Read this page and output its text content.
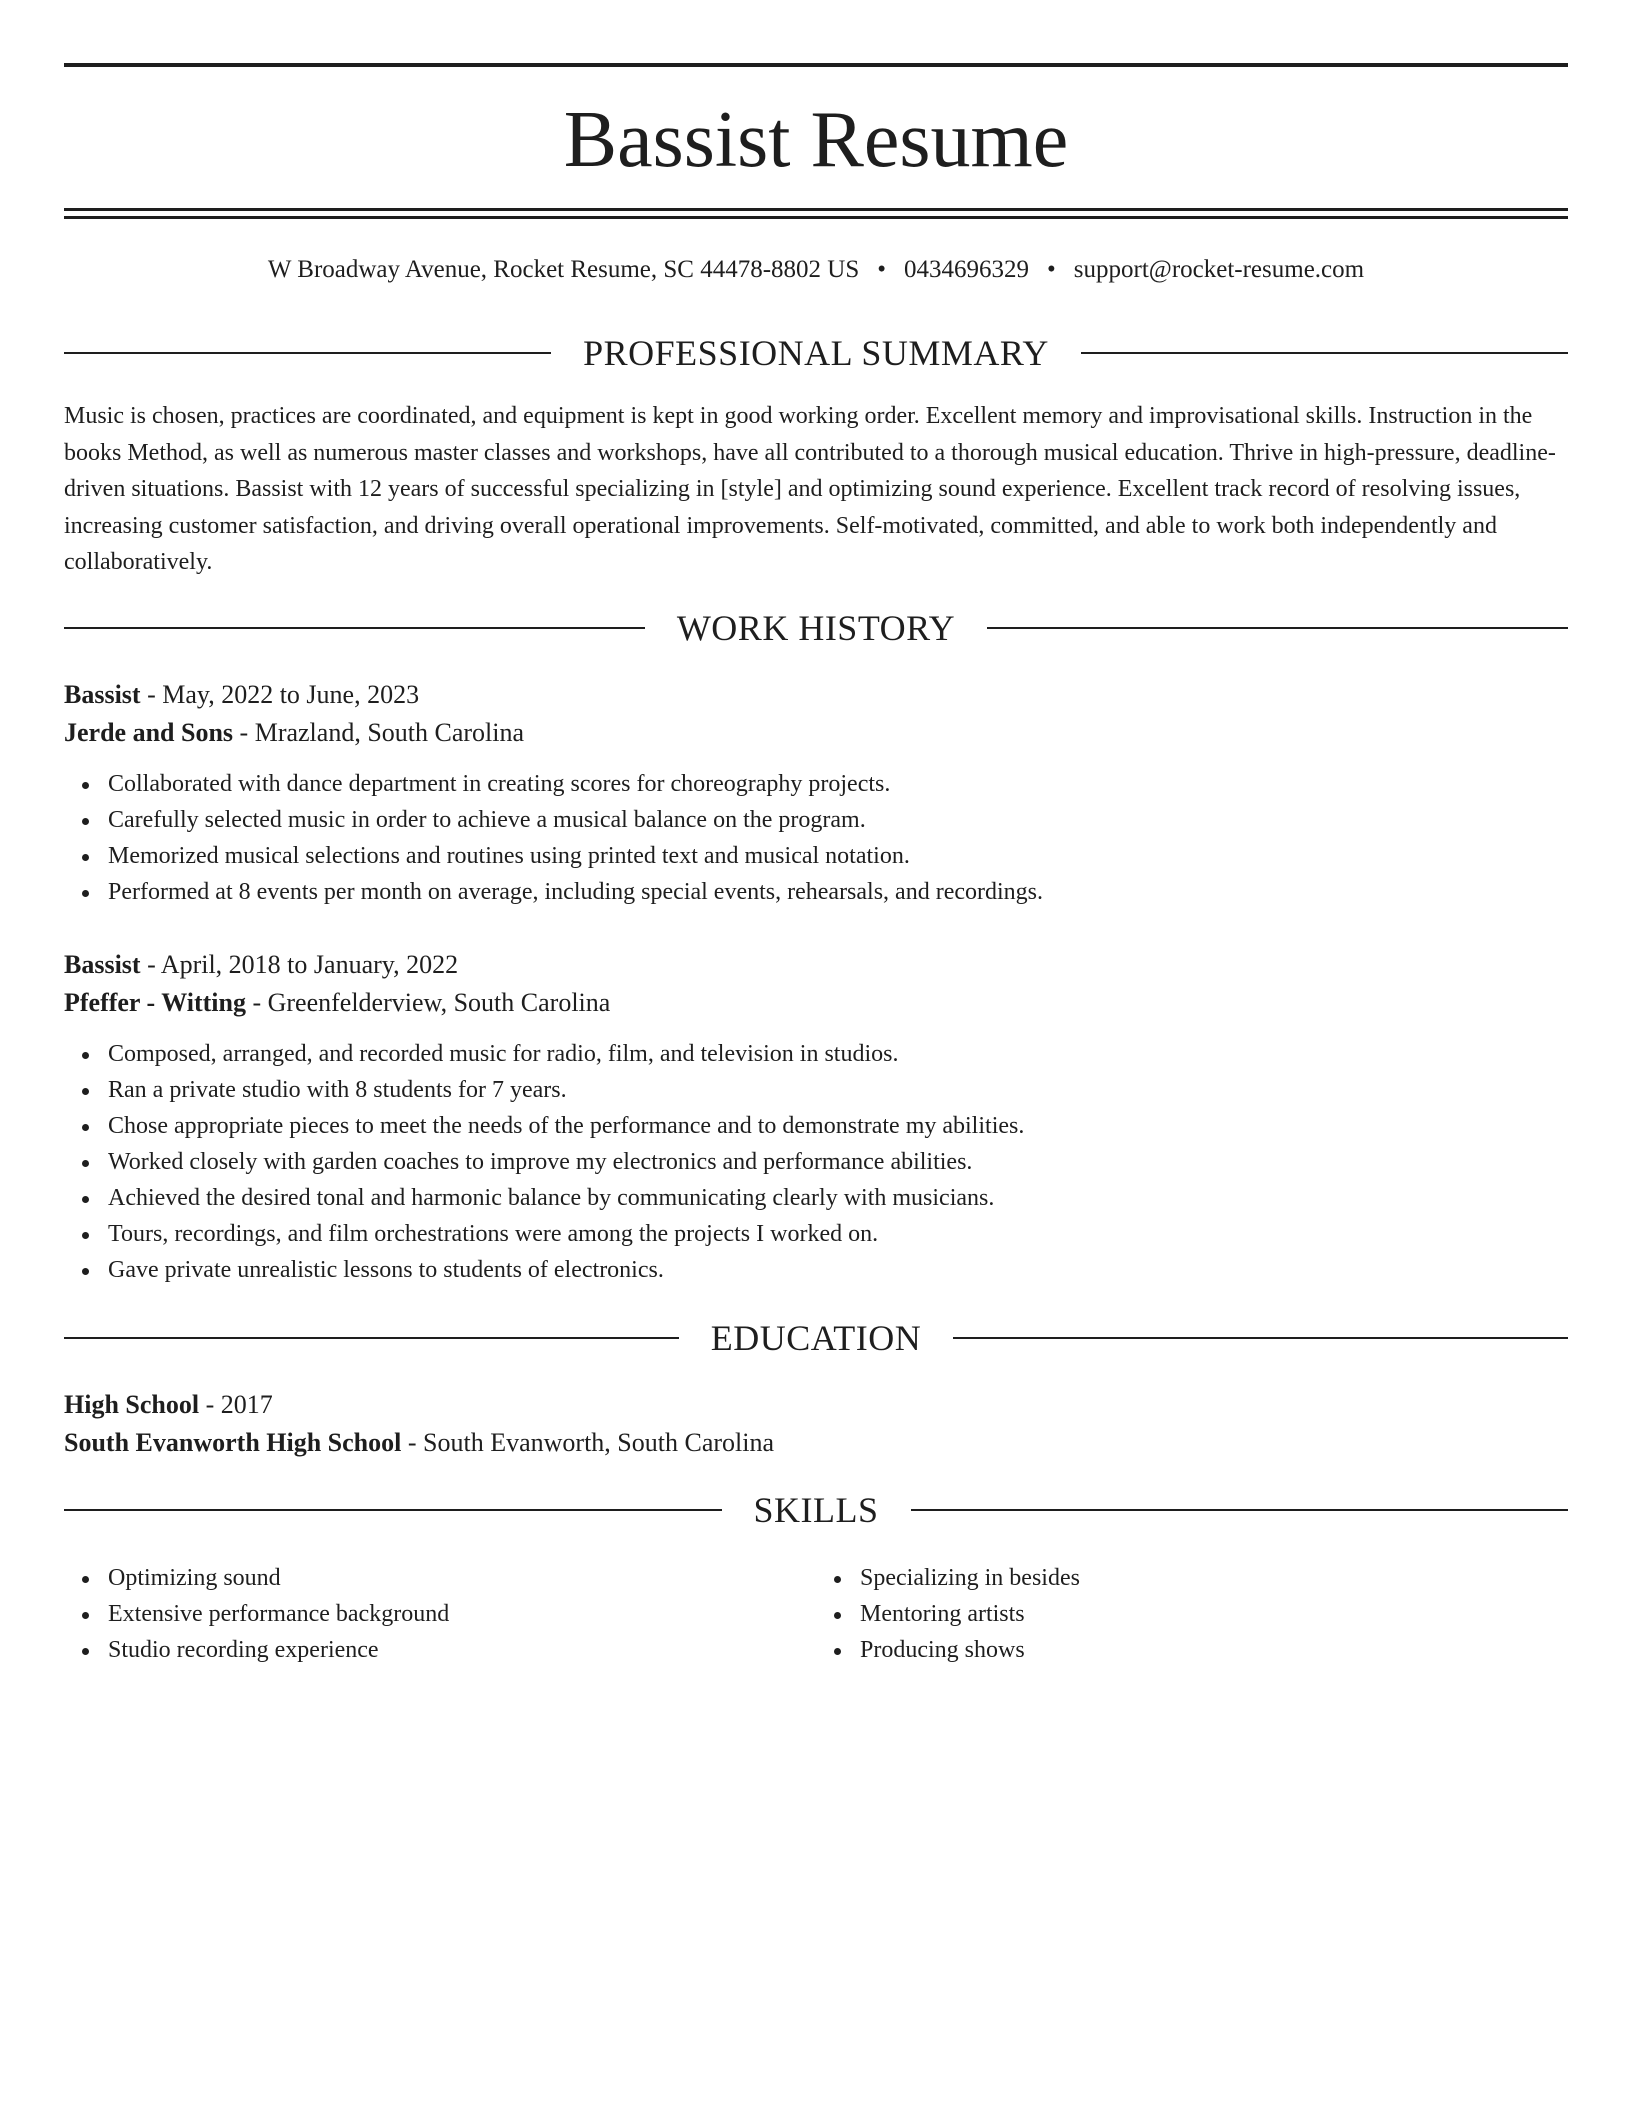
Bassist Resume
W Broadway Avenue, Rocket Resume, SC 44478-8802 US • 0434696329 • support@rocket-resume.com
PROFESSIONAL SUMMARY

Music is chosen, practices are coordinated, and equipment is kept in good working order. Excellent memory and improvisational skills. Instruction in the books Method, as well as numerous master classes and workshops, have all contributed to a thorough musical education. Thrive in high-pressure, deadline-driven situations. Bassist with 12 years of successful specializing in [style] and optimizing sound experience. Excellent track record of resolving issues, increasing customer satisfaction, and driving overall operational improvements. Self-motivated, committed, and able to work both independently and collaboratively.

WORK HISTORY
Bassist - May, 2022 to June, 2023
Jerde and Sons - Mrazland, South Carolina
Collaborated with dance department in creating scores for choreography projects.
Carefully selected music in order to achieve a musical balance on the program.
Memorized musical selections and routines using printed text and musical notation.
Performed at 8 events per month on average, including special events, rehearsals, and recordings.
Bassist - April, 2018 to January, 2022
Pfeffer - Witting - Greenfelderview, South Carolina
Composed, arranged, and recorded music for radio, film, and television in studios.
Ran a private studio with 8 students for 7 years.
Chose appropriate pieces to meet the needs of the performance and to demonstrate my abilities.
Worked closely with garden coaches to improve my electronics and performance abilities.
Achieved the desired tonal and harmonic balance by communicating clearly with musicians.
Tours, recordings, and film orchestrations were among the projects I worked on.
Gave private unrealistic lessons to students of electronics.
EDUCATION
High School - 2017
South Evanworth High School - South Evanworth, South Carolina
SKILLS
Optimizing sound
Extensive performance background
Studio recording experience
Specializing in besides
Mentoring artists
Producing shows
